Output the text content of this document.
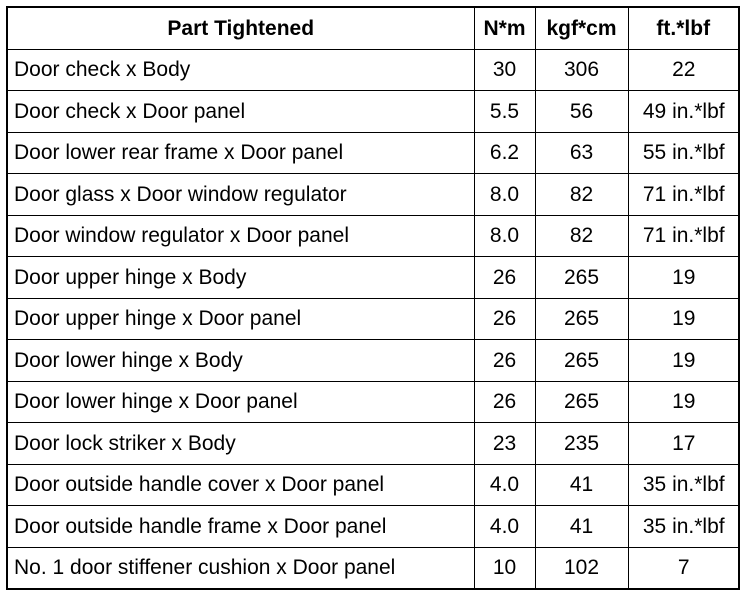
Part Tightened	N*m	kgf*cm	ft.*lbf
Door check x Body	30	306	22
Door check x Door panel	5.5	56	49 in.*lbf
Door lower rear frame x Door panel	6.2	63	55 in.*lbf
Door glass x Door window regulator	8.0	82	71 in.*lbf
Door window regulator x Door panel	8.0	82	71 in.*lbf
Door upper hinge x Body	26	265	19
Door upper hinge x Door panel	26	265	19
Door lower hinge x Body	26	265	19
Door lower hinge x Door panel	26	265	19
Door lock striker x Body	23	235	17
Door outside handle cover x Door panel	4.0	41	35 in.*lbf
Door outside handle frame x Door panel	4.0	41	35 in.*lbf
No. 1 door stiffener cushion x Door panel	10	102	7
